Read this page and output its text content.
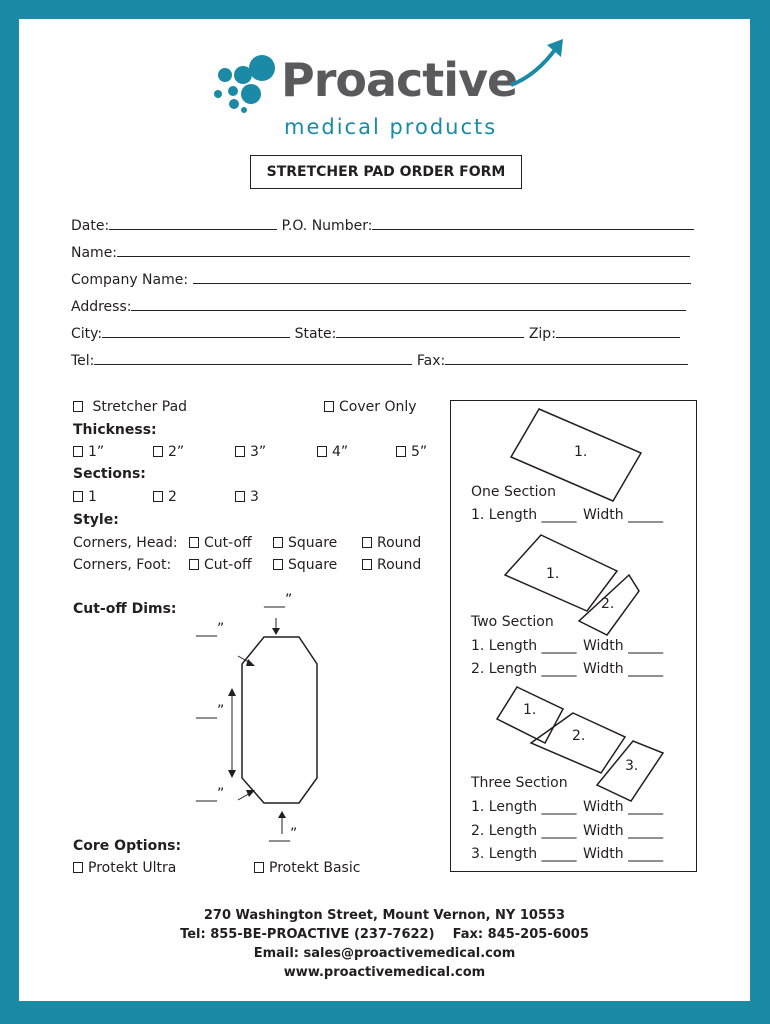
Proactive
medical products
STRETCHER PAD ORDER FORM
Date:	P.O. Number:
Name:
Company Name:
Address:
City:	State:	Zip:
Tel:	Fax:
Stretcher Pad	Cover Only
Thickness:
1”	2”	3”	4”	5”
Sections:
1	2	3
Style:
Corners, Head:	Cut-off	Square	Round
Corners, Foot:	Cut-off	Square	Round
Cut-off Dims:
___”
___”
___”
___”
___”
Core Options:
Protekt Ultra	Protekt Basic
1.
One Section
1. Length _____ Width _____
1.
2.
Two Section
1. Length _____ Width _____
2. Length _____ Width _____
1.
2.
3.
Three Section
1. Length _____ Width _____
2. Length _____ Width _____
3. Length _____ Width _____
270 Washington Street, Mount Vernon, NY 10553
Tel: 855-BE-PROACTIVE (237-7622)    Fax: 845-205-6005
Email: sales@proactivemedical.com
www.proactivemedical.com
